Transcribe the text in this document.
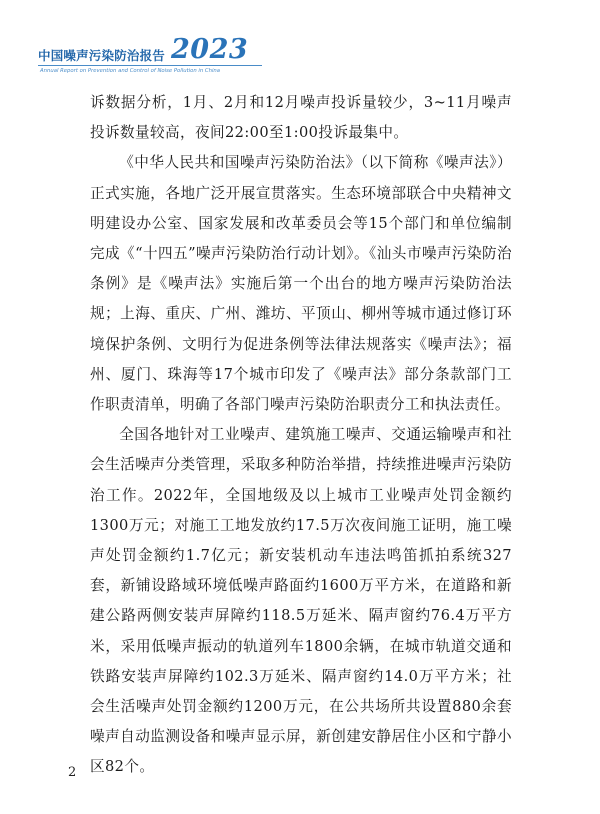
中国噪声污染防治报告 2023
Annual Report on Prevention and Control of Noise Pollution in China

诉数据分析，1月、2月和12月噪声投诉量较少，3~11月噪声投诉数量较高，夜间22:00至1:00投诉最集中。

《中华人民共和国噪声污染防治法》（以下简称《噪声法》）正式实施，各地广泛开展宣贯落实。生态环境部联合中央精神文明建设办公室、国家发展和改革委员会等15个部门和单位编制完成《“十四五”噪声污染防治行动计划》。《汕头市噪声污染防治条例》是《噪声法》实施后第一个出台的地方噪声污染防治法规；上海、重庆、广州、潍坊、平顶山、柳州等城市通过修订环境保护条例、文明行为促进条例等法律法规落实《噪声法》；福州、厦门、珠海等17个城市印发了《噪声法》部分条款部门工作职责清单，明确了各部门噪声污染防治职责分工和执法责任。

全国各地针对工业噪声、建筑施工噪声、交通运输噪声和社会生活噪声分类管理，采取多种防治举措，持续推进噪声污染防治工作。2022年，全国地级及以上城市工业噪声处罚金额约1300万元；对施工工地发放约17.5万次夜间施工证明，施工噪声处罚金额约1.7亿元；新安装机动车违法鸣笛抓拍系统327套，新铺设路域环境低噪声路面约1600万平方米，在道路和新建公路两侧安装声屏障约118.5万延米、隔声窗约76.4万平方米，采用低噪声振动的轨道列车1800余辆，在城市轨道交通和铁路安装声屏障约102.3万延米、隔声窗约14.0万平方米；社会生活噪声处罚金额约1200万元，在公共场所共设置880余套噪声自动监测设备和噪声显示屏，新创建安静居住小区和宁静小区82个。

2
